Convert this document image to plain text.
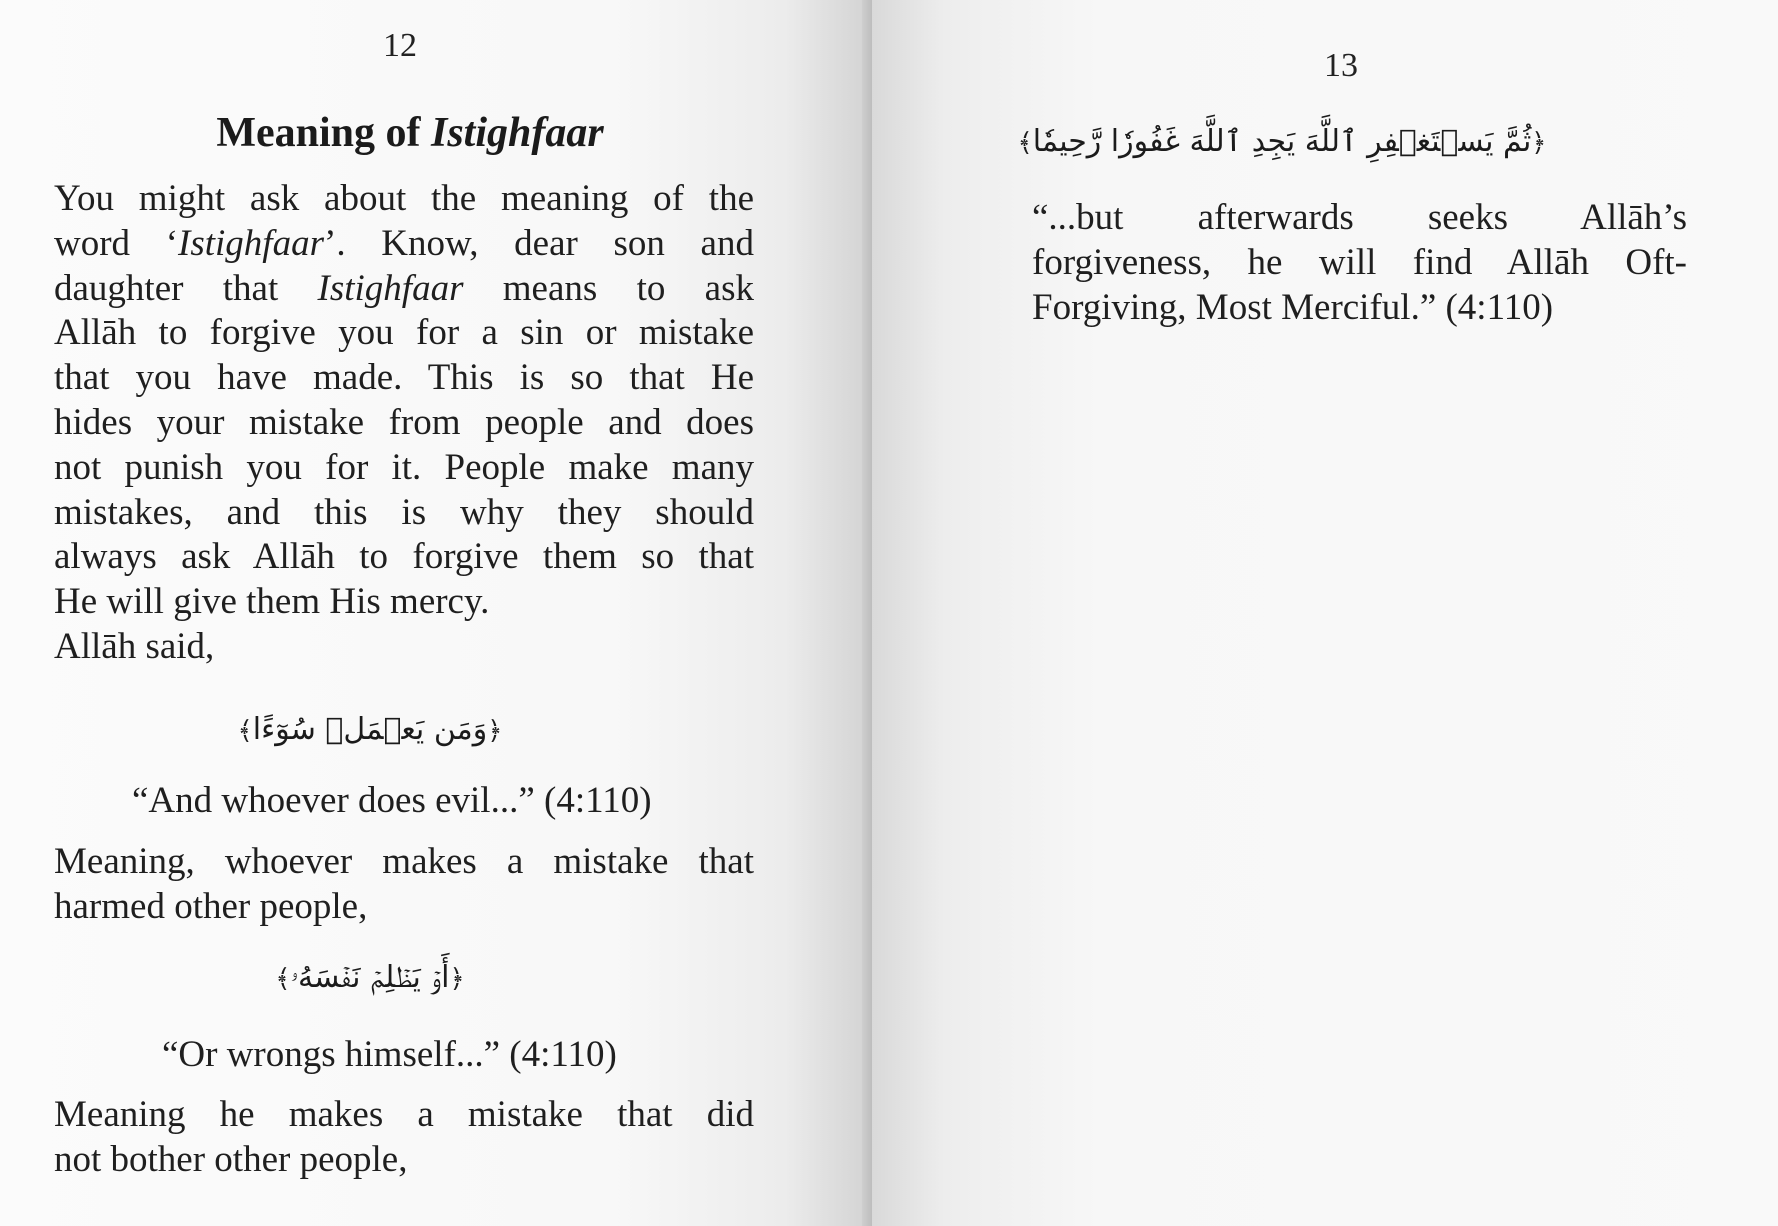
12
Meaning of Istighfaar
You might ask about the meaning of the
word ‘Istighfaar’. Know, dear son and
daughter that Istighfaar means to ask
Allāh to forgive you for a sin or mistake
that you have made. This is so that He
hides your mistake from people and does
not punish you for it. People make many
mistakes, and this is why they should
always ask Allāh to forgive them so that
He will give them His mercy.
Allāh said,
﴿وَمَن يَعۡمَلۡ سُوٓءًا﴾
“And whoever does evil...” (4:110)
Meaning, whoever makes a mistake that
harmed other people,
﴿أَوۡ يَظۡلِمۡ نَفۡسَهُۥ﴾
“Or wrongs himself...” (4:110)
Meaning he makes a mistake that did
not bother other people,
13
﴿ثُمَّ يَسۡتَغۡفِرِ ٱللَّهَ يَجِدِ ٱللَّهَ غَفُورٗا رَّحِيمٗا﴾
“...but afterwards seeks Allāh’s
forgiveness, he will find Allāh Oft-
Forgiving, Most Merciful.” (4:110)
